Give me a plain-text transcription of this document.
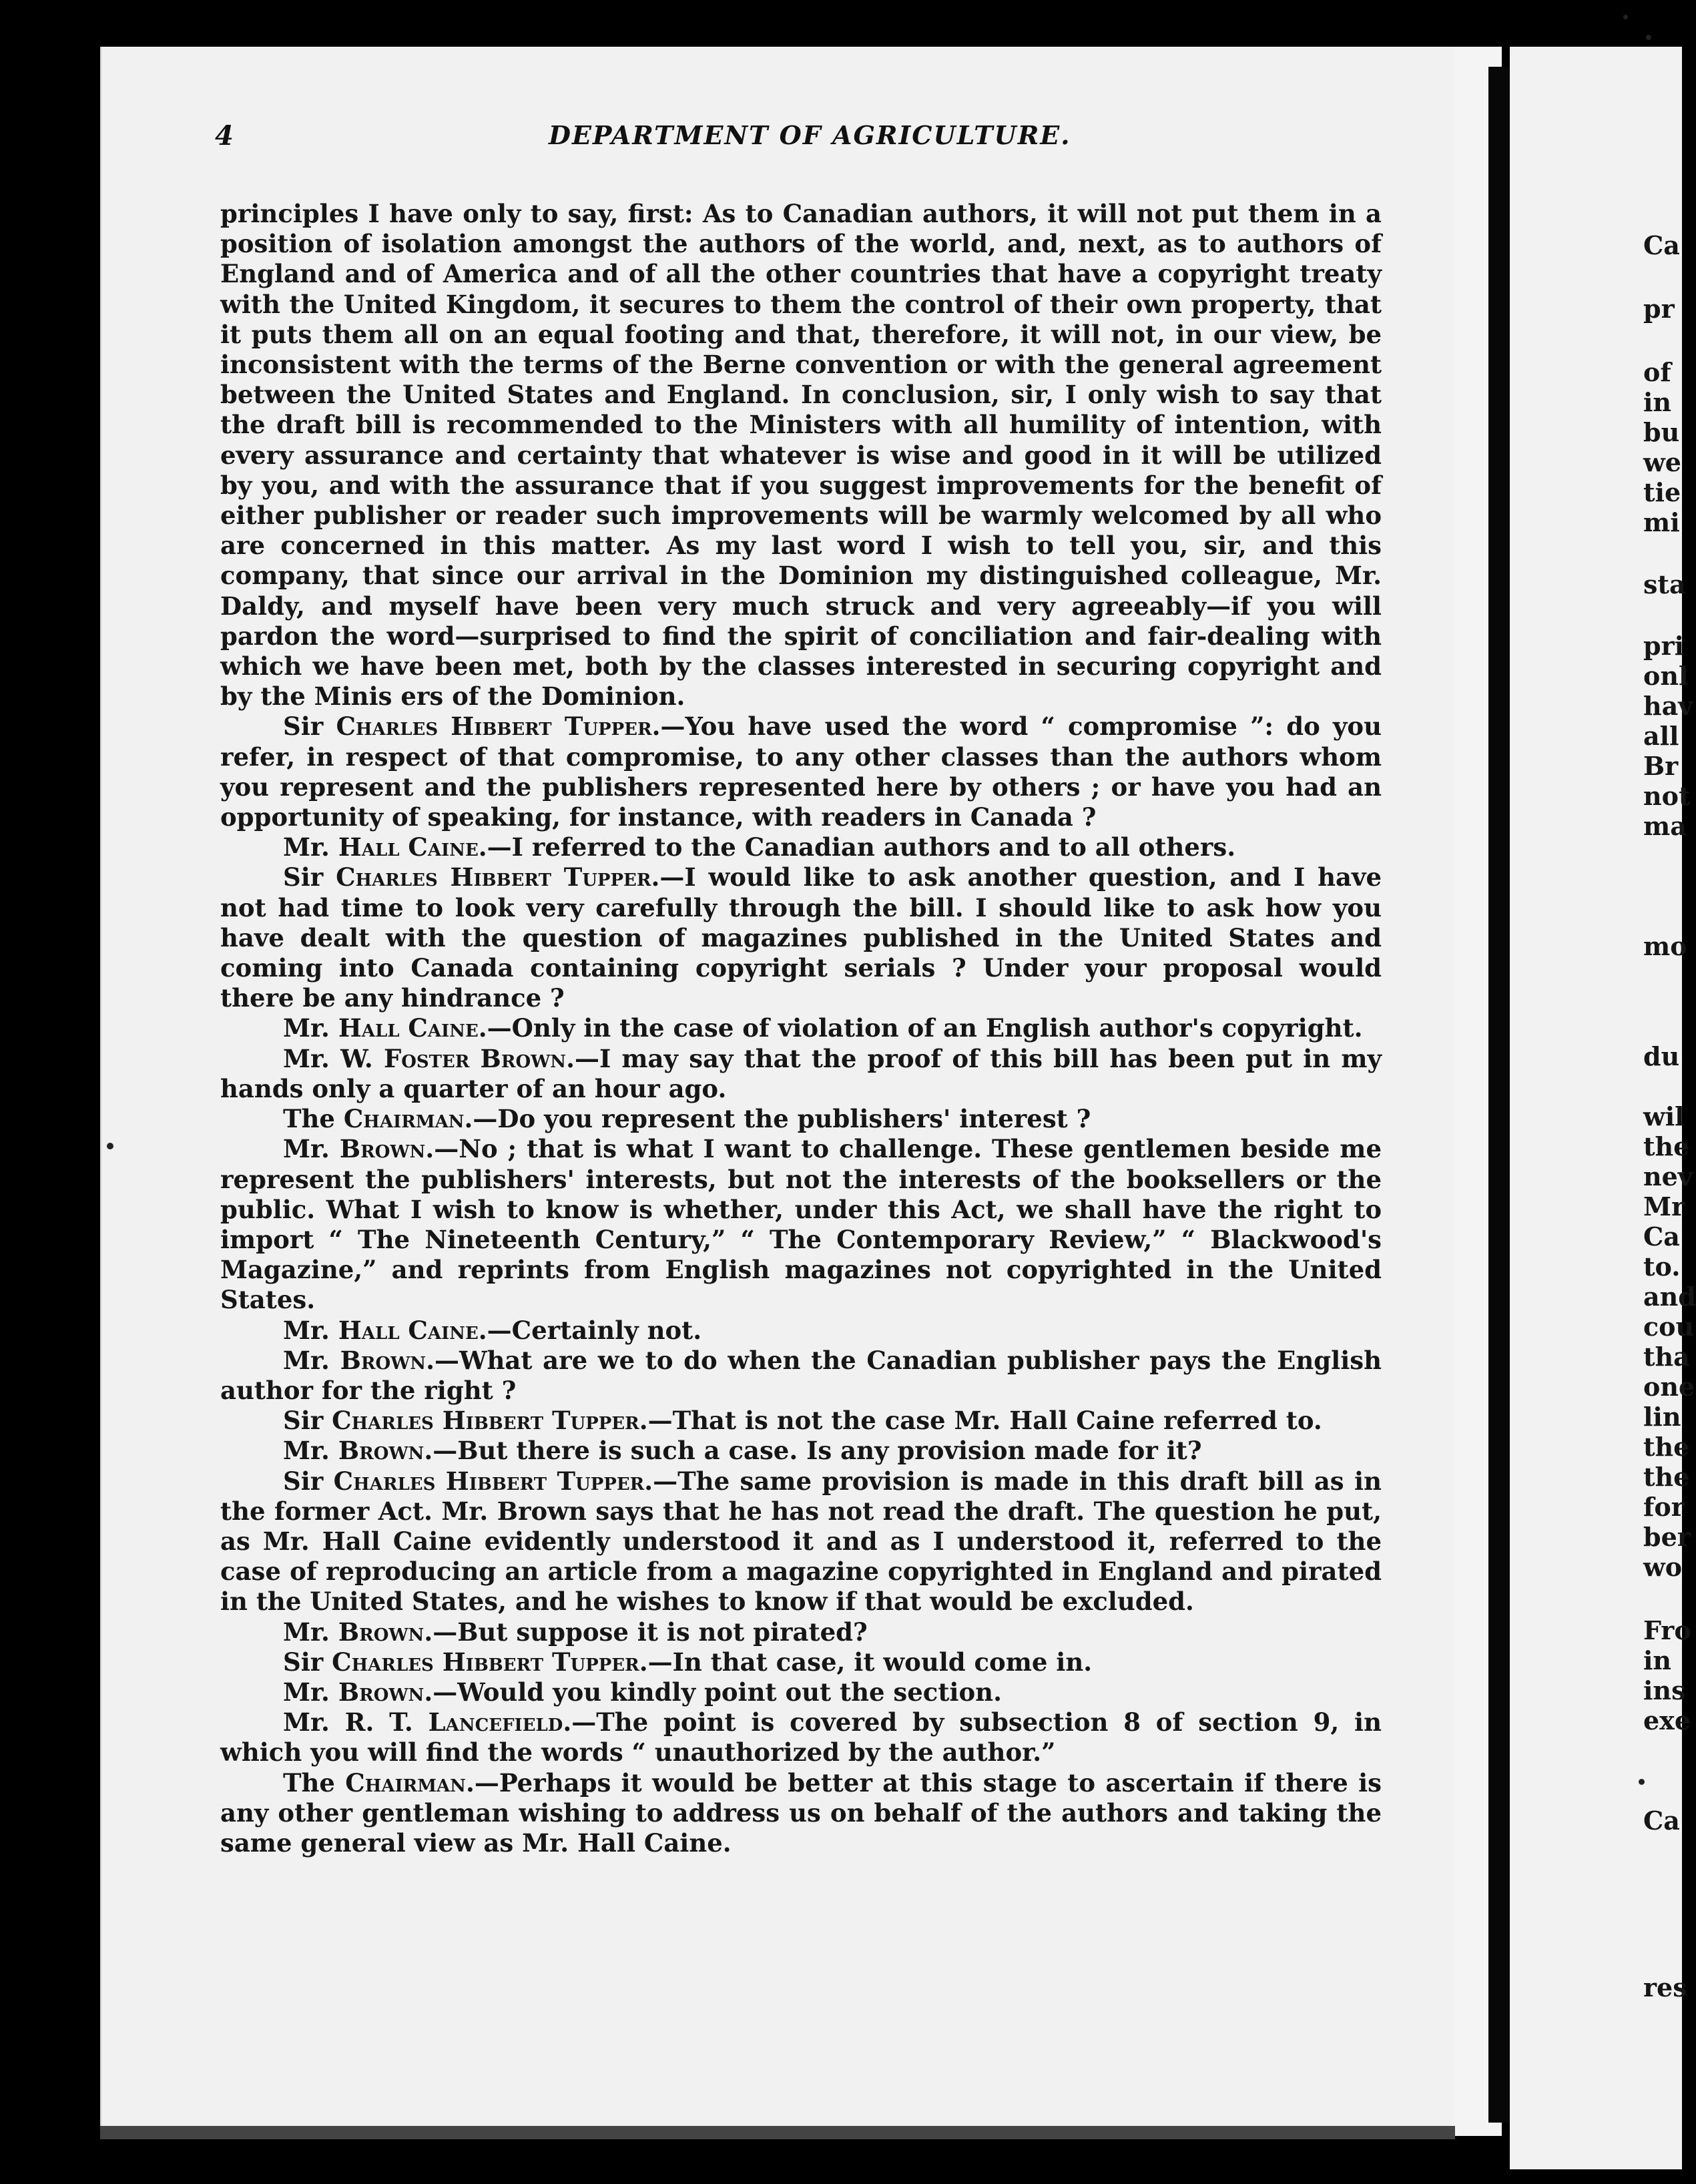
4	DEPARTMENT OF AGRICULTURE.

principles I have only to say, first: As to Canadian authors, it will not put them in a position of isolation amongst the authors of the world, and, next, as to authors of England and of America and of all the other countries that have a copyright treaty with the United Kingdom, it secures to them the control of their own property, that it puts them all on an equal footing and that, therefore, it will not, in our view, be inconsistent with the terms of the Berne convention or with the general agreement between the United States and England. In conclusion, sir, I only wish to say that the draft bill is recommended to the Ministers with all humility of intention, with every assurance and certainty that whatever is wise and good in it will be utilized by you, and with the assurance that if you suggest improvements for the benefit of either publisher or reader such improvements will be warmly welcomed by all who are concerned in this matter. As my last word I wish to tell you, sir, and this company, that since our arrival in the Dominion my distinguished colleague, Mr. Daldy, and myself have been very much struck and very agreeably—if you will pardon the word—surprised to find the spirit of conciliation and fair-dealing with which we have been met, both by the classes interested in securing copyright and by the Minis ers of the Dominion.

Sir Charles Hibbert Tupper.—You have used the word “ compromise ”: do you refer, in respect of that compromise, to any other classes than the authors whom you represent and the publishers represented here by others ; or have you had an opportunity of speaking, for instance, with readers in Canada ?

Mr. Hall Caine.—I referred to the Canadian authors and to all others.

Sir Charles Hibbert Tupper.—I would like to ask another question, and I have not had time to look very carefully through the bill. I should like to ask how you have dealt with the question of magazines published in the United States and coming into Canada containing copyright serials ? Under your proposal would there be any hindrance ?

Mr. Hall Caine.—Only in the case of violation of an English author's copyright.

Mr. W. Foster Brown.—I may say that the proof of this bill has been put in my hands only a quarter of an hour ago.

The Chairman.—Do you represent the publishers' interest ?

Mr. Brown.—No ; that is what I want to challenge. These gentlemen beside me represent the publishers' interests, but not the interests of the booksellers or the public. What I wish to know is whether, under this Act, we shall have the right to import “ The Nineteenth Century,” “ The Contemporary Review,” “ Blackwood's Magazine,” and reprints from English magazines not copyrighted in the United States.

Mr. Hall Caine.—Certainly not.

Mr. Brown.—What are we to do when the Canadian publisher pays the English author for the right ?

Sir Charles Hibbert Tupper.—That is not the case Mr. Hall Caine referred to.

Mr. Brown.—But there is such a case. Is any provision made for it?

Sir Charles Hibbert Tupper.—The same provision is made in this draft bill as in the former Act. Mr. Brown says that he has not read the draft. The question he put, as Mr. Hall Caine evidently understood it and as I understood it, referred to the case of reproducing an article from a magazine copyrighted in England and pirated in the United States, and he wishes to know if that would be excluded.

Mr. Brown.—But suppose it is not pirated?

Sir Charles Hibbert Tupper.—In that case, it would come in.

Mr. Brown.—Would you kindly point out the section.

Mr. R. T. Lancefield.—The point is covered by subsection 8 of section 9, in which you will find the words “ unauthorized by the author.”

The Chairman.—Perhaps it would be better at this stage to ascertain if there is any other gentleman wishing to address us on behalf of the authors and taking the same general view as Mr. Hall Caine.

Ca
pr
of
in
bu
we
tie
mi
sta
pri
onl
hav
all
Br
not
ma
mo
du
wil
the
nev
Mr
Ca
to.
and
cou
tha
one
lin
the
the
for
ber
wo
Fro
in
ins
exe
Ca
res
